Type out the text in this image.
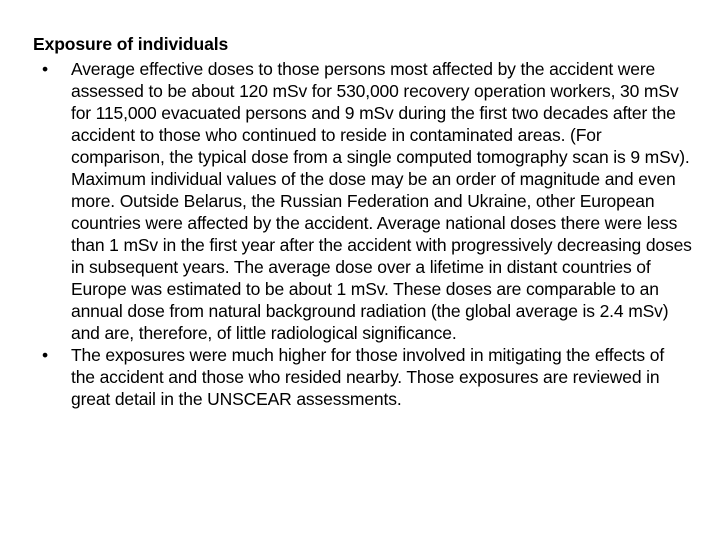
Exposure of individuals
•	Average effective doses to those persons most affected by the accident were assessed to be about 120 mSv for 530,000 recovery operation workers, 30 mSv for 115,000 evacuated persons and 9 mSv during the first two decades after the accident to those who continued to reside in contaminated areas. (For comparison, the typical dose from a single computed tomography scan is 9 mSv). Maximum individual values of the dose may be an order of magnitude and even more. Outside Belarus, the Russian Federation and Ukraine, other European countries were affected by the accident. Average national doses there were less than 1 mSv in the first year after the accident with progressively decreasing doses in subsequent years. The average dose over a lifetime in distant countries of Europe was estimated to be about 1 mSv. These doses are comparable to an annual dose from natural background radiation (the global average is 2.4 mSv) and are, therefore, of little radiological significance.
•	The exposures were much higher for those involved in mitigating the effects of the accident and those who resided nearby. Those exposures are reviewed in great detail in the UNSCEAR assessments.
